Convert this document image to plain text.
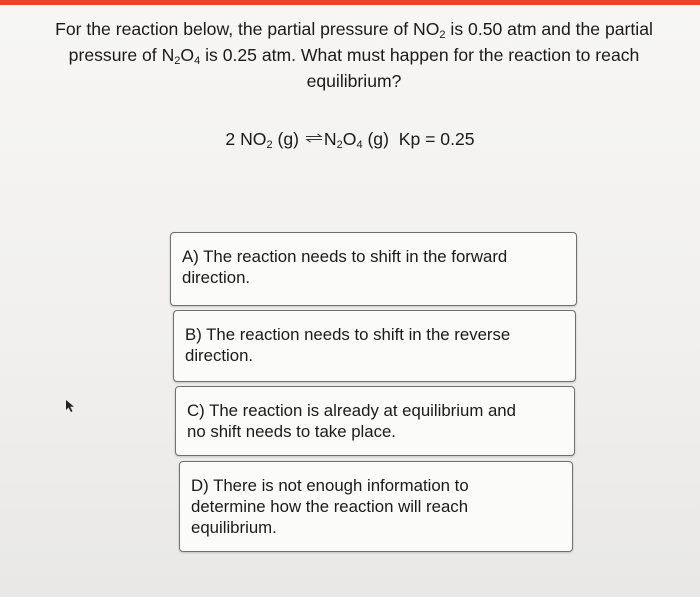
For the reaction below, the partial pressure of $NO_2$ is 0.50 atm and the partial
pressure of $N_2O_4$ is 0.25 atm. What must happen for the reaction to reach
equilibrium?
2 $NO_2$ (g) $\rightleftharpoons N_2O_4$ (g)  Kp = 0.25
A) The reaction needs to shift in the forward
direction.
B) The reaction needs to shift in the reverse
direction.
C) The reaction is already at equilibrium and
no shift needs to take place.
D) There is not enough information to
determine how the reaction will reach
equilibrium.
